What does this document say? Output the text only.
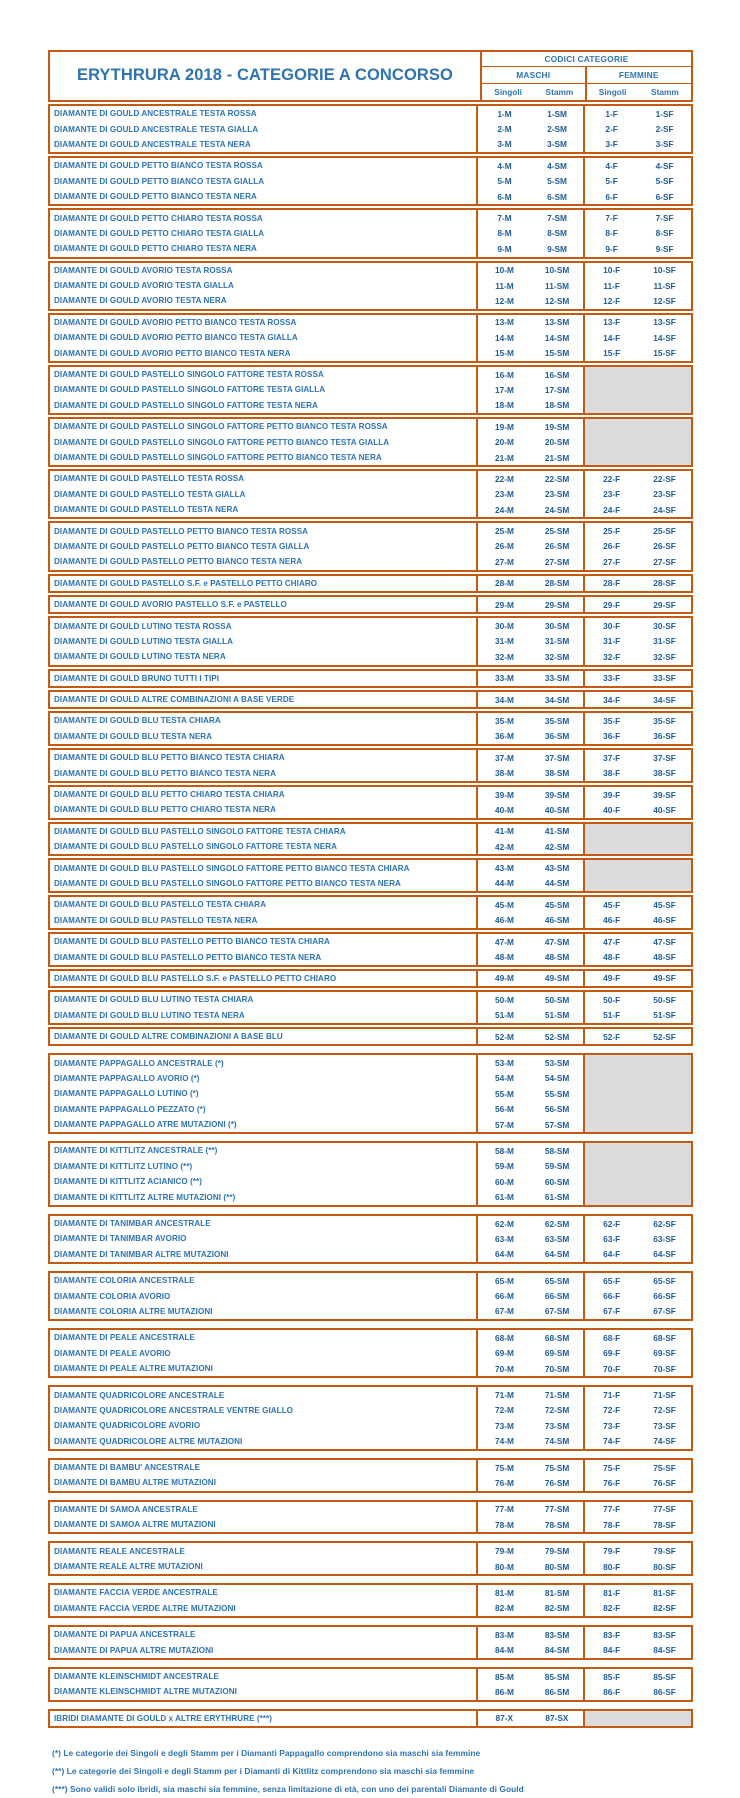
ERYTHRURA 2018 - CATEGORIE A CONCORSO
CODICI CATEGORIE
MASCHI	FEMMINE
Singoli	Stamm	Singoli	Stamm
DIAMANTE DI GOULD ANCESTRALE TESTA ROSSA	1-M	1-SM	1-F	1-SF
DIAMANTE DI GOULD ANCESTRALE TESTA GIALLA	2-M	2-SM	2-F	2-SF
DIAMANTE DI GOULD ANCESTRALE TESTA NERA	3-M	3-SM	3-F	3-SF
DIAMANTE DI GOULD PETTO BIANCO TESTA ROSSA	4-M	4-SM	4-F	4-SF
DIAMANTE DI GOULD PETTO BIANCO TESTA GIALLA	5-M	5-SM	5-F	5-SF
DIAMANTE DI GOULD PETTO BIANCO TESTA NERA	6-M	6-SM	6-F	6-SF
DIAMANTE DI GOULD PETTO CHIARO TESTA ROSSA	7-M	7-SM	7-F	7-SF
DIAMANTE DI GOULD PETTO CHIARO TESTA GIALLA	8-M	8-SM	8-F	8-SF
DIAMANTE DI GOULD PETTO CHIARO TESTA NERA	9-M	9-SM	9-F	9-SF
DIAMANTE DI GOULD AVORIO TESTA ROSSA	10-M	10-SM	10-F	10-SF
DIAMANTE DI GOULD AVORIO TESTA GIALLA	11-M	11-SM	11-F	11-SF
DIAMANTE DI GOULD AVORIO TESTA NERA	12-M	12-SM	12-F	12-SF
DIAMANTE DI GOULD AVORIO PETTO BIANCO TESTA ROSSA	13-M	13-SM	13-F	13-SF
DIAMANTE DI GOULD AVORIO PETTO BIANCO TESTA GIALLA	14-M	14-SM	14-F	14-SF
DIAMANTE DI GOULD AVORIO PETTO BIANCO TESTA NERA	15-M	15-SM	15-F	15-SF
DIAMANTE DI GOULD PASTELLO SINGOLO FATTORE TESTA ROSSA	16-M	16-SM
DIAMANTE DI GOULD PASTELLO SINGOLO FATTORE TESTA GIALLA	17-M	17-SM
DIAMANTE DI GOULD PASTELLO SINGOLO FATTORE TESTA NERA	18-M	18-SM
DIAMANTE DI GOULD PASTELLO SINGOLO FATTORE PETTO BIANCO TESTA ROSSA	19-M	19-SM
DIAMANTE DI GOULD PASTELLO SINGOLO FATTORE PETTO BIANCO TESTA GIALLA	20-M	20-SM
DIAMANTE DI GOULD PASTELLO SINGOLO FATTORE PETTO BIANCO TESTA NERA	21-M	21-SM
DIAMANTE DI GOULD PASTELLO TESTA ROSSA	22-M	22-SM	22-F	22-SF
DIAMANTE DI GOULD PASTELLO TESTA GIALLA	23-M	23-SM	23-F	23-SF
DIAMANTE DI GOULD PASTELLO TESTA NERA	24-M	24-SM	24-F	24-SF
DIAMANTE DI GOULD PASTELLO PETTO BIANCO TESTA ROSSA	25-M	25-SM	25-F	25-SF
DIAMANTE DI GOULD PASTELLO PETTO BIANCO TESTA GIALLA	26-M	26-SM	26-F	26-SF
DIAMANTE DI GOULD PASTELLO PETTO BIANCO TESTA NERA	27-M	27-SM	27-F	27-SF
DIAMANTE DI GOULD PASTELLO S.F. e PASTELLO PETTO CHIARO	28-M	28-SM	28-F	28-SF
DIAMANTE DI GOULD AVORIO PASTELLO S.F. e PASTELLO	29-M	29-SM	29-F	29-SF
DIAMANTE DI GOULD LUTINO TESTA ROSSA	30-M	30-SM	30-F	30-SF
DIAMANTE DI GOULD LUTINO TESTA GIALLA	31-M	31-SM	31-F	31-SF
DIAMANTE DI GOULD LUTINO TESTA NERA	32-M	32-SM	32-F	32-SF
DIAMANTE DI GOULD BRUNO TUTTI I TIPI	33-M	33-SM	33-F	33-SF
DIAMANTE DI GOULD ALTRE COMBINAZIONI A BASE VERDE	34-M	34-SM	34-F	34-SF
DIAMANTE DI GOULD BLU TESTA CHIARA	35-M	35-SM	35-F	35-SF
DIAMANTE DI GOULD BLU TESTA NERA	36-M	36-SM	36-F	36-SF
DIAMANTE DI GOULD BLU PETTO BIANCO TESTA CHIARA	37-M	37-SM	37-F	37-SF
DIAMANTE DI GOULD BLU PETTO BIANCO TESTA NERA	38-M	38-SM	38-F	38-SF
DIAMANTE DI GOULD BLU PETTO CHIARO TESTA CHIARA	39-M	39-SM	39-F	39-SF
DIAMANTE DI GOULD BLU PETTO CHIARO TESTA NERA	40-M	40-SM	40-F	40-SF
DIAMANTE DI GOULD BLU PASTELLO SINGOLO FATTORE TESTA CHIARA	41-M	41-SM
DIAMANTE DI GOULD BLU PASTELLO SINGOLO FATTORE TESTA NERA	42-M	42-SM
DIAMANTE DI GOULD BLU PASTELLO SINGOLO FATTORE PETTO BIANCO TESTA CHIARA	43-M	43-SM
DIAMANTE DI GOULD BLU PASTELLO SINGOLO FATTORE PETTO BIANCO TESTA NERA	44-M	44-SM
DIAMANTE DI GOULD BLU PASTELLO TESTA CHIARA	45-M	45-SM	45-F	45-SF
DIAMANTE DI GOULD BLU PASTELLO TESTA NERA	46-M	46-SM	46-F	46-SF
DIAMANTE DI GOULD BLU PASTELLO PETTO BIANCO TESTA CHIARA	47-M	47-SM	47-F	47-SF
DIAMANTE DI GOULD BLU PASTELLO PETTO BIANCO TESTA NERA	48-M	48-SM	48-F	48-SF
DIAMANTE DI GOULD BLU PASTELLO S.F. e PASTELLO PETTO CHIARO	49-M	49-SM	49-F	49-SF
DIAMANTE DI GOULD BLU LUTINO TESTA CHIARA	50-M	50-SM	50-F	50-SF
DIAMANTE DI GOULD BLU LUTINO TESTA NERA	51-M	51-SM	51-F	51-SF
DIAMANTE DI GOULD ALTRE COMBINAZIONI A BASE BLU	52-M	52-SM	52-F	52-SF
DIAMANTE PAPPAGALLO ANCESTRALE (*)	53-M	53-SM
DIAMANTE PAPPAGALLO AVORIO (*)	54-M	54-SM
DIAMANTE PAPPAGALLO LUTINO (*)	55-M	55-SM
DIAMANTE PAPPAGALLO PEZZATO (*)	56-M	56-SM
DIAMANTE PAPPAGALLO ATRE MUTAZIONI (*)	57-M	57-SM
DIAMANTE DI KITTLITZ ANCESTRALE (**)	58-M	58-SM
DIAMANTE DI KITTLITZ LUTINO (**)	59-M	59-SM
DIAMANTE DI KITTLITZ ACIANICO (**)	60-M	60-SM
DIAMANTE DI KITTLITZ ALTRE MUTAZIONI (**)	61-M	61-SM
DIAMANTE DI TANIMBAR ANCESTRALE	62-M	62-SM	62-F	62-SF
DIAMANTE DI TANIMBAR AVORIO	63-M	63-SM	63-F	63-SF
DIAMANTE DI TANIMBAR ALTRE MUTAZIONI	64-M	64-SM	64-F	64-SF
DIAMANTE COLORIA ANCESTRALE	65-M	65-SM	65-F	65-SF
DIAMANTE COLORIA AVORIO	66-M	66-SM	66-F	66-SF
DIAMANTE COLORIA ALTRE MUTAZIONI	67-M	67-SM	67-F	67-SF
DIAMANTE DI PEALE ANCESTRALE	68-M	68-SM	68-F	68-SF
DIAMANTE DI PEALE AVORIO	69-M	69-SM	69-F	69-SF
DIAMANTE DI PEALE ALTRE MUTAZIONI	70-M	70-SM	70-F	70-SF
DIAMANTE QUADRICOLORE ANCESTRALE	71-M	71-SM	71-F	71-SF
DIAMANTE QUADRICOLORE ANCESTRALE VENTRE GIALLO	72-M	72-SM	72-F	72-SF
DIAMANTE QUADRICOLORE AVORIO	73-M	73-SM	73-F	73-SF
DIAMANTE QUADRICOLORE ALTRE MUTAZIONI	74-M	74-SM	74-F	74-SF
DIAMANTE DI BAMBU' ANCESTRALE	75-M	75-SM	75-F	75-SF
DIAMANTE DI BAMBU ALTRE MUTAZIONI	76-M	76-SM	76-F	76-SF
DIAMANTE DI SAMOA ANCESTRALE	77-M	77-SM	77-F	77-SF
DIAMANTE DI SAMOA ALTRE MUTAZIONI	78-M	78-SM	78-F	78-SF
DIAMANTE REALE ANCESTRALE	79-M	79-SM	79-F	79-SF
DIAMANTE REALE ALTRE MUTAZIONI	80-M	80-SM	80-F	80-SF
DIAMANTE FACCIA VERDE ANCESTRALE	81-M	81-SM	81-F	81-SF
DIAMANTE FACCIA VERDE ALTRE MUTAZIONI	82-M	82-SM	82-F	82-SF
DIAMANTE DI PAPUA ANCESTRALE	83-M	83-SM	83-F	83-SF
DIAMANTE DI PAPUA ALTRE MUTAZIONI	84-M	84-SM	84-F	84-SF
DIAMANTE KLEINSCHMIDT ANCESTRALE	85-M	85-SM	85-F	85-SF
DIAMANTE KLEINSCHMIDT ALTRE MUTAZIONI	86-M	86-SM	86-F	86-SF
IBRIDI DIAMANTE DI GOULD x ALTRE ERYTHRURE (***)	87-X	87-SX
(*) Le categorie dei Singoli e degli Stamm per i Diamanti Pappagallo comprendono sia maschi sia femmine
(**) Le categorie dei Singoli e degli Stamm per i Diamanti di Kittlitz comprendono sia maschi sia femmine
(***) Sono validi solo ibridi, sia maschi sia femmine, senza limitazione di età, con uno dei parentali Diamante di Gould
